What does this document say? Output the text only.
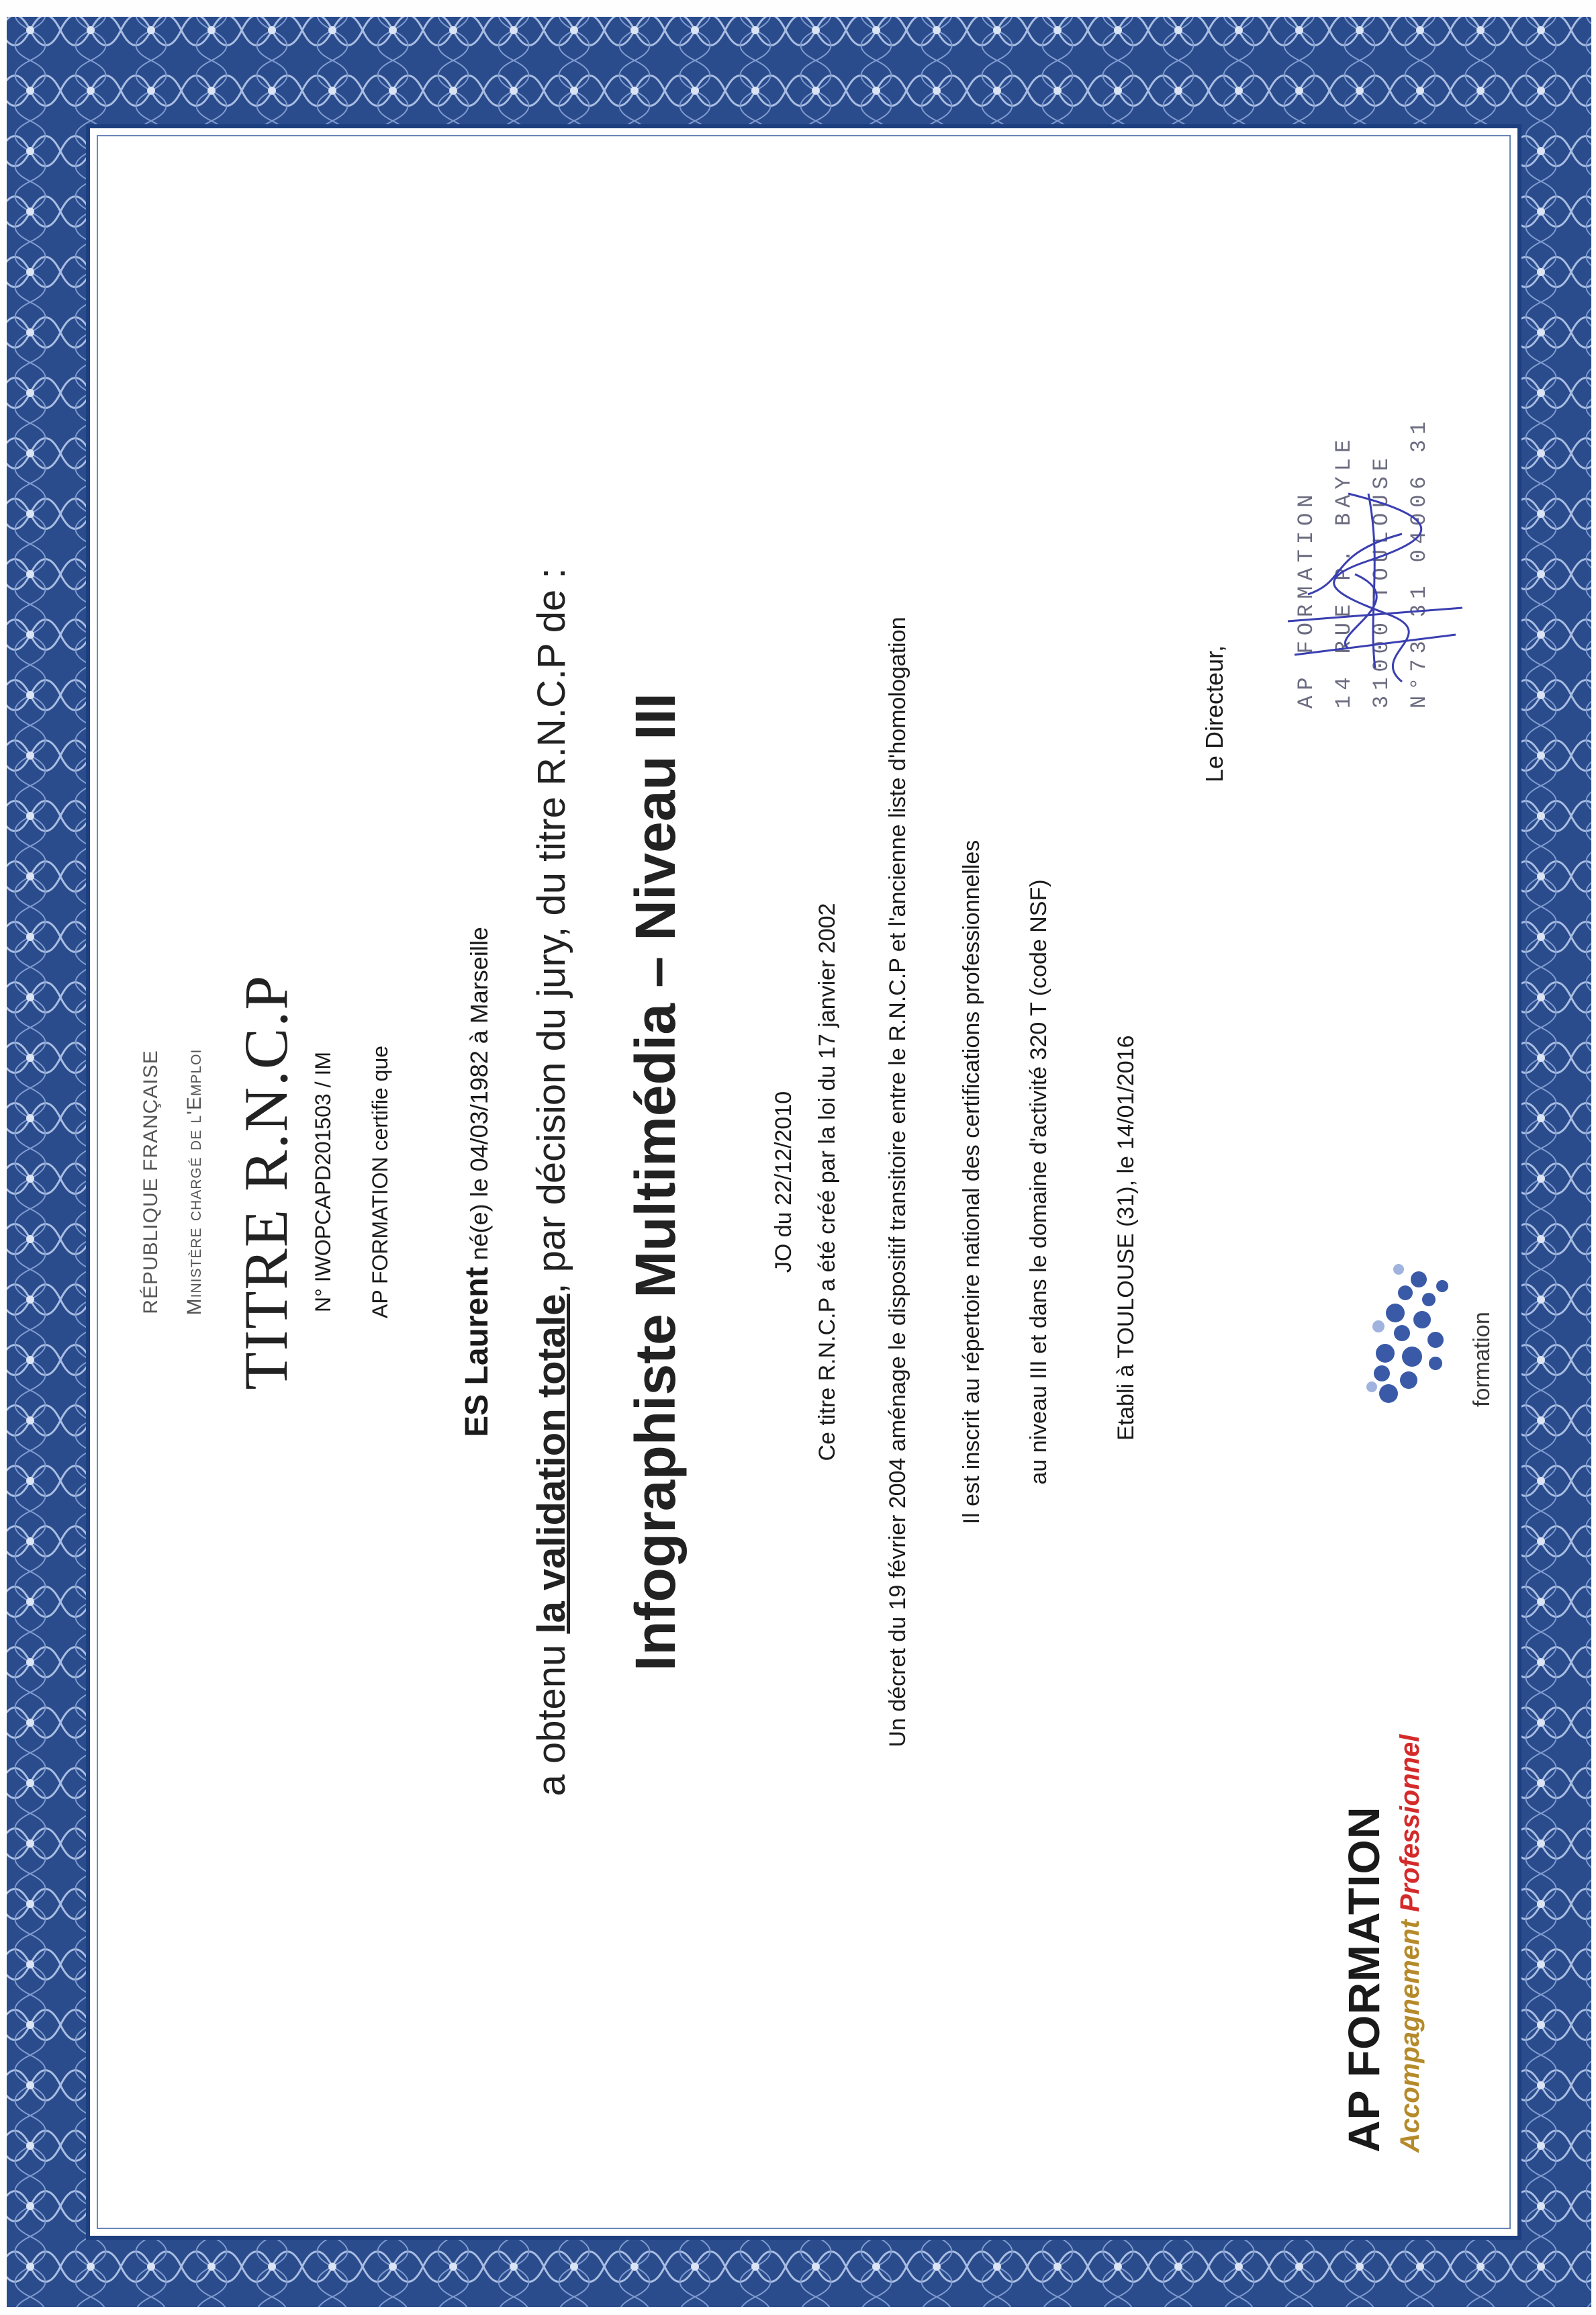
RÉPUBLIQUE FRANÇAISE Ministère chargé de l'Emploi TITRE R.N.C.P N° IWOPCAPD201503 / IM AP FORMATION certifie que
ES Laurent né(e) le 04/03/1982 à Marseille
a obtenu la validation totale, par décision du jury, du titre R.N.C.P de : Infographiste Multimédia – Niveau III	JO du 22/12/2010 Ce titre R.N.C.P a été créé par la loi du 17 janvier 2002 Un décret du 19 février 2004 aménage le dispositif transitoire entre le R.N.C.P et l'ancienne liste d'homologation Il est inscrit au répertoire national des certifications professionnelles au niveau III et dans le domaine d'activité 320 T (code NSF)	Etabli à TOULOUSE (31), le 14/01/2016
AP FORMATION Accompagnement Professionnel
formation
Le Directeur,
AP FORMATION 14 RUE P. BAYLE 31000 TOULOUSE N°73 31 04006 31
